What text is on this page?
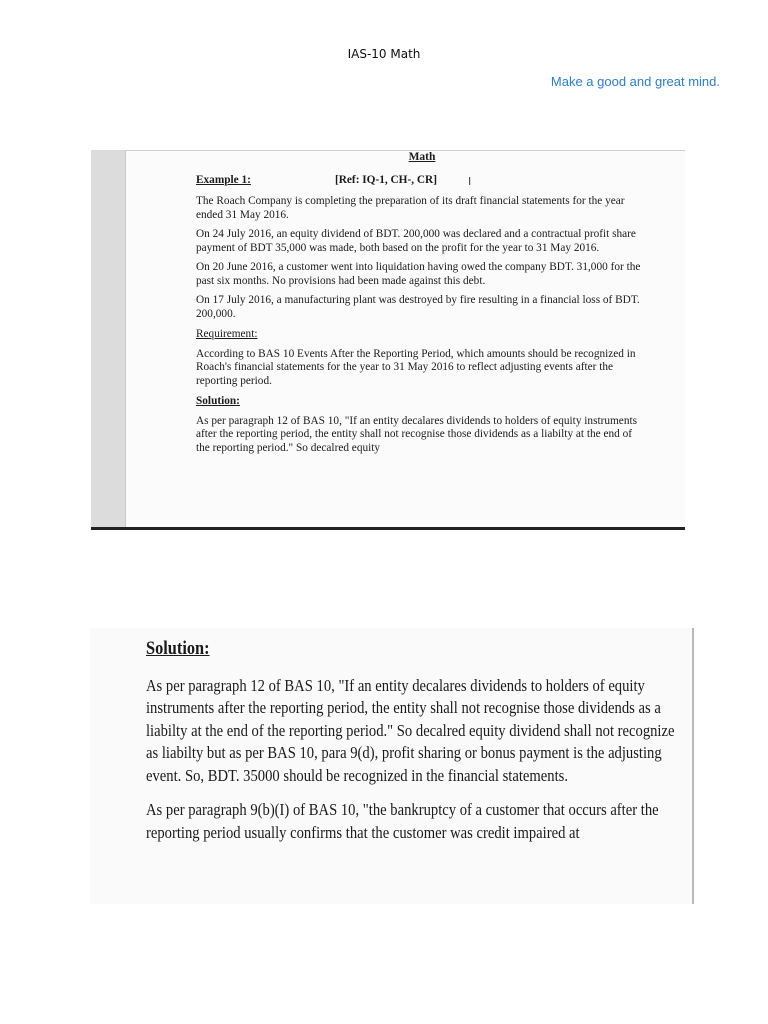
IAS-10 Math
Make a good and great mind.
Math
Example 1:	[Ref: IQ-1, CH-, CR]	I

The Roach Company is completing the preparation of its draft financial statements for the year ended 31 May 2016.

On 24 July 2016, an equity dividend of BDT. 200,000 was declared and a contractual profit share payment of BDT 35,000 was made, both based on the profit for the year to 31 May 2016.

On 20 June 2016, a customer went into liquidation having owed the company BDT. 31,000 for the past six months. No provisions had been made against this debt.

On 17 July 2016, a manufacturing plant was destroyed by fire resulting in a financial loss of BDT. 200,000.

Requirement:

According to BAS 10 Events After the Reporting Period, which amounts should be recognized in Roach's financial statements for the year to 31 May 2016 to reflect adjusting events after the reporting period.

Solution:

As per paragraph 12 of BAS 10, "If an entity decalares dividends to holders of equity instruments after the reporting period, the entity shall not recognise those dividends as a liabilty at the end of the reporting period." So decalred equity

Solution:

As per paragraph 12 of BAS 10, "If an entity decalares dividends to holders of equity instruments after the reporting period, the entity shall not recognise those dividends as a liabilty at the end of the reporting period." So decalred equity dividend shall not recognize as liabilty but as per BAS 10, para 9(d), profit sharing or bonus payment is the adjusting event. So, BDT. 35000 should be recognized in the financial statements.

As per paragraph 9(b)(I) of BAS 10, "the bankruptcy of a customer that occurs after the reporting period usually confirms that the customer was credit impaired at
